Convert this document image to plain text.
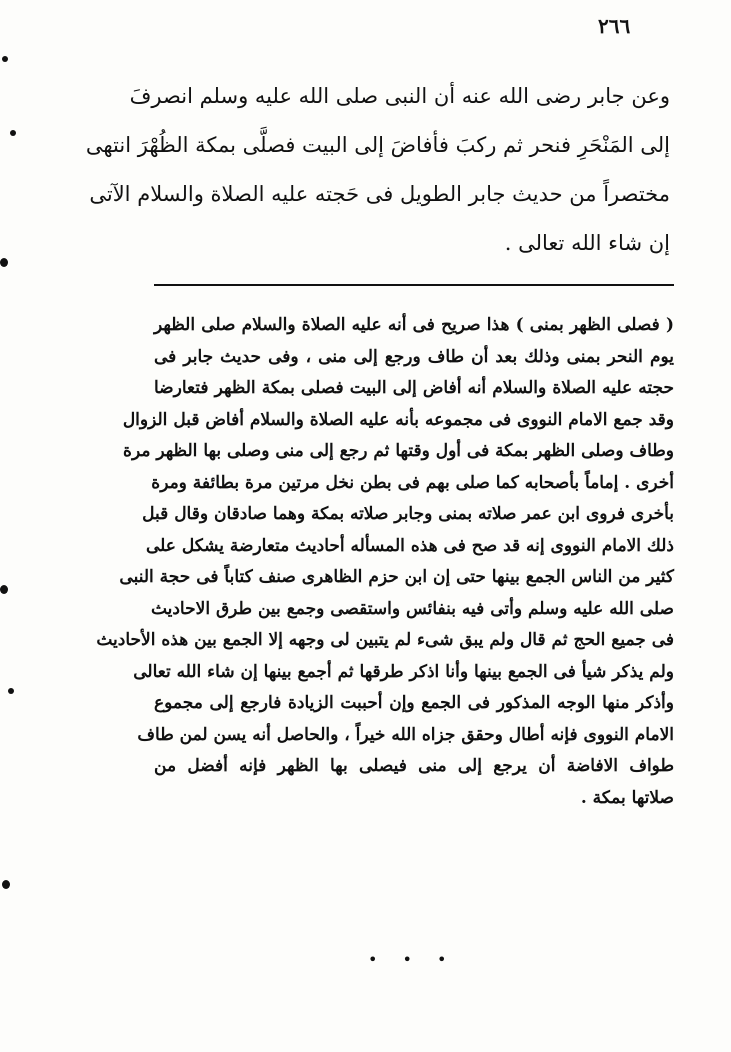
٢٦٦
وعن جابر رضى الله عنه أن النبى صلى الله عليه وسلم انصرفَ
إلى المَنْحَرِ فنحر ثم ركبَ فأفاضَ إلى البيت فصلَّى بمكة الظُهْرَ انتهى
مختصراً من حديث جابر الطويل فى حَجته عليه الصلاة والسلام الآتى
إن شاء الله تعالى .
( فصلى الظهر بمنى ) هذا صريح فى أنه عليه الصلاة والسلام صلى الظهر
يوم النحر بمنى وذلك بعد أن طاف ورجع إلى منى ، وفى حديث جابر فى
حجته عليه الصلاة والسلام أنه أفاض إلى البيت فصلى بمكة الظهر فتعارضا
وقد جمع الامام النووى فى مجموعه بأنه عليه الصلاة والسلام أفاض قبل الزوال
وطاف وصلى الظهر بمكة فى أول وقتها ثم رجع إلى منى وصلى بها الظهر مرة
أخرى . إماماً بأصحابه كما صلى بهم فى بطن نخل مرتين مرة بطائفة ومرة
بأخرى فروى ابن عمر صلاته بمنى وجابر صلاته بمكة وهما صادقان وقال قبل
ذلك الامام النووى إنه قد صح فى هذه المسأله أحاديث متعارضة يشكل على
كثير من الناس الجمع بينها حتى إن ابن حزم الظاهرى صنف كتاباً فى حجة النبى
صلى الله عليه وسلم وأتى فيه بنفائس واستقصى وجمع بين طرق الاحاديث
فى جميع الحج ثم قال ولم يبق شىء لم يتبين لى وجهه إلا الجمع بين هذه الأحاديث
ولم يذكر شيأ فى الجمع بينها وأنا اذكر طرقها ثم أجمع بينها إن شاء الله تعالى
وأذكر منها الوجه المذكور فى الجمع وإن أحببت الزيادة فارجع إلى مجموع
الامام النووى فإنه أطال وحقق جزاه الله خيراً ، والحاصل أنه يسن لمن طاف
طواف الافاضة أن يرجع إلى منى فيصلى بها الظهر فإنه أفضل من
صلاتها بمكة .
• • •
